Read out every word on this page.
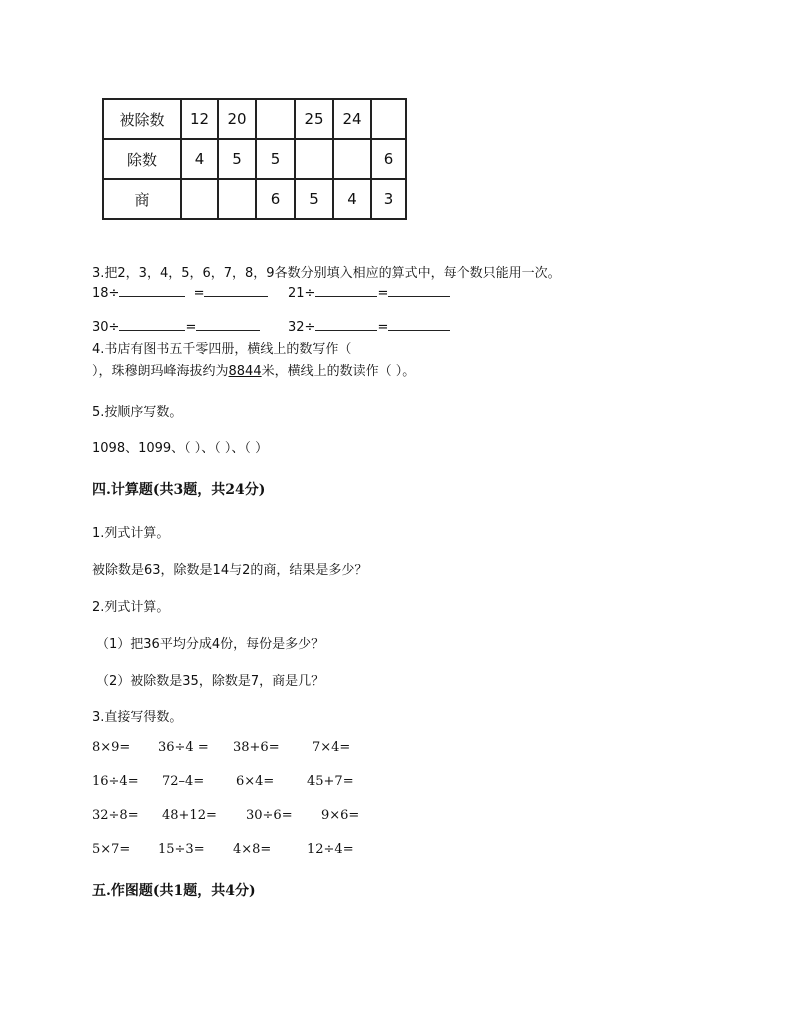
被除数	12	20		25	24	
除数	4	5	5			6
商			6	5	4	3
3.把2，3，4，5，6，7，8，9各数分别填入相应的算式中，每个数只能用一次。
18÷	=	21÷	=
30÷	=	32÷	=
4.书店有图书五千零四册，横线上的数写作（
），珠穆朗玛峰海拔约为8844米，横线上的数读作（ ）。
5.按顺序写数。
1098、1099、（ ）、（ ）、（ ）
四.计算题(共3题，共24分)
1.列式计算。
被除数是63，除数是14与2的商，结果是多少？
2.列式计算。
（1）把36平均分成4份，每份是多少？
（2）被除数是35，除数是7，商是几？
3.直接写得数。
8×9= 36÷4 = 38+6= 7×4=
16÷4= 72–4= 6×4=	45+7=
32÷8= 48+12= 30÷6= 9×6=
5×7= 15÷3= 4×8=	12÷4=
五.作图题(共1题，共4分)
